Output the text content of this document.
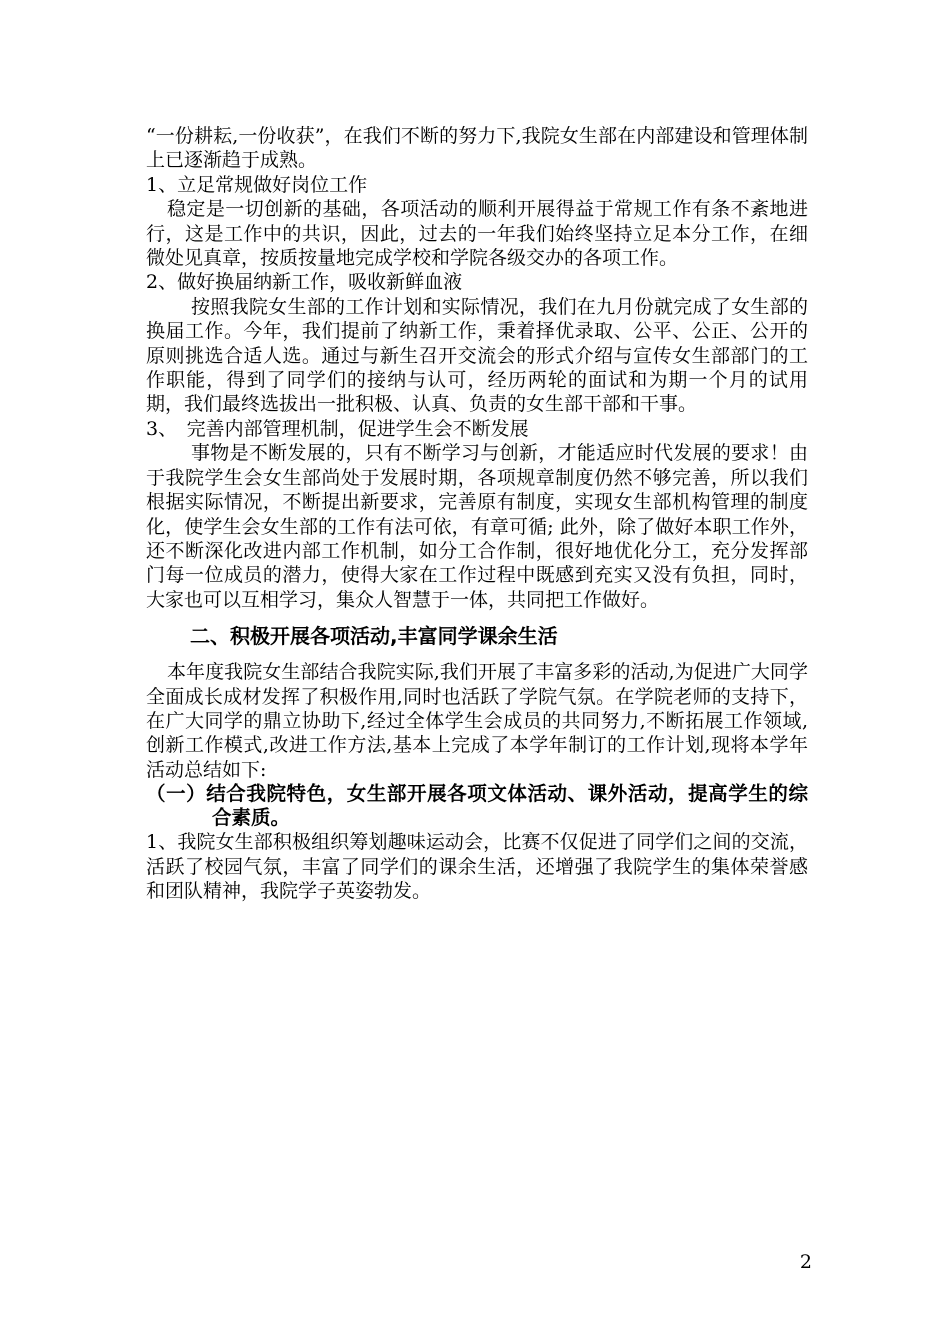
“一份耕耘,一份收获”，在我们不断的努力下,我院女生部在内部建设和管理体制上已逐渐趋于成熟。

1、立足常规做好岗位工作

稳定是一切创新的基础，各项活动的顺利开展得益于常规工作有条不紊地进行，这是工作中的共识，因此，过去的一年我们始终坚持立足本分工作，在细微处见真章，按质按量地完成学校和学院各级交办的各项工作。

2、做好换届纳新工作，吸收新鲜血液

按照我院女生部的工作计划和实际情况，我们在九月份就完成了女生部的换届工作。今年，我们提前了纳新工作，秉着择优录取、公平、公正、公开的原则挑选合适人选。通过与新生召开交流会的形式介绍与宣传女生部部门的工作职能，得到了同学们的接纳与认可，经历两轮的面试和为期一个月的试用期，我们最终选拔出一批积极、认真、负责的女生部干部和干事。

3、　完善内部管理机制，促进学生会不断发展

事物是不断发展的，只有不断学习与创新，才能适应时代发展的要求！由于我院学生会女生部尚处于发展时期，各项规章制度仍然不够完善，所以我们根据实际情况，不断提出新要求，完善原有制度，实现女生部机构管理的制度化，使学生会女生部的工作有法可依，有章可循; 此外，除了做好本职工作外，还不断深化改进内部工作机制，如分工合作制，很好地优化分工，充分发挥部门每一位成员的潜力，使得大家在工作过程中既感到充实又没有负担，同时，大家也可以互相学习，集众人智慧于一体，共同把工作做好。

二、积极开展各项活动,丰富同学课余生活

本年度我院女生部结合我院实际,我们开展了丰富多彩的活动,为促进广大同学全面成长成材发挥了积极作用,同时也活跃了学院气氛。在学院老师的支持下，在广大同学的鼎立协助下,经过全体学生会成员的共同努力,不断拓展工作领域,创新工作模式,改进工作方法,基本上完成了本学年制订的工作计划,现将本学年活动总结如下:

（一）结合我院特色，女生部开展各项文体活动、课外活动，提高学生的综合素质。

1、我院女生部积极组织筹划趣味运动会，比赛不仅促进了同学们之间的交流，活跃了校园气氛，丰富了同学们的课余生活，还增强了我院学生的集体荣誉感和团队精神，我院学子英姿勃发。

2
